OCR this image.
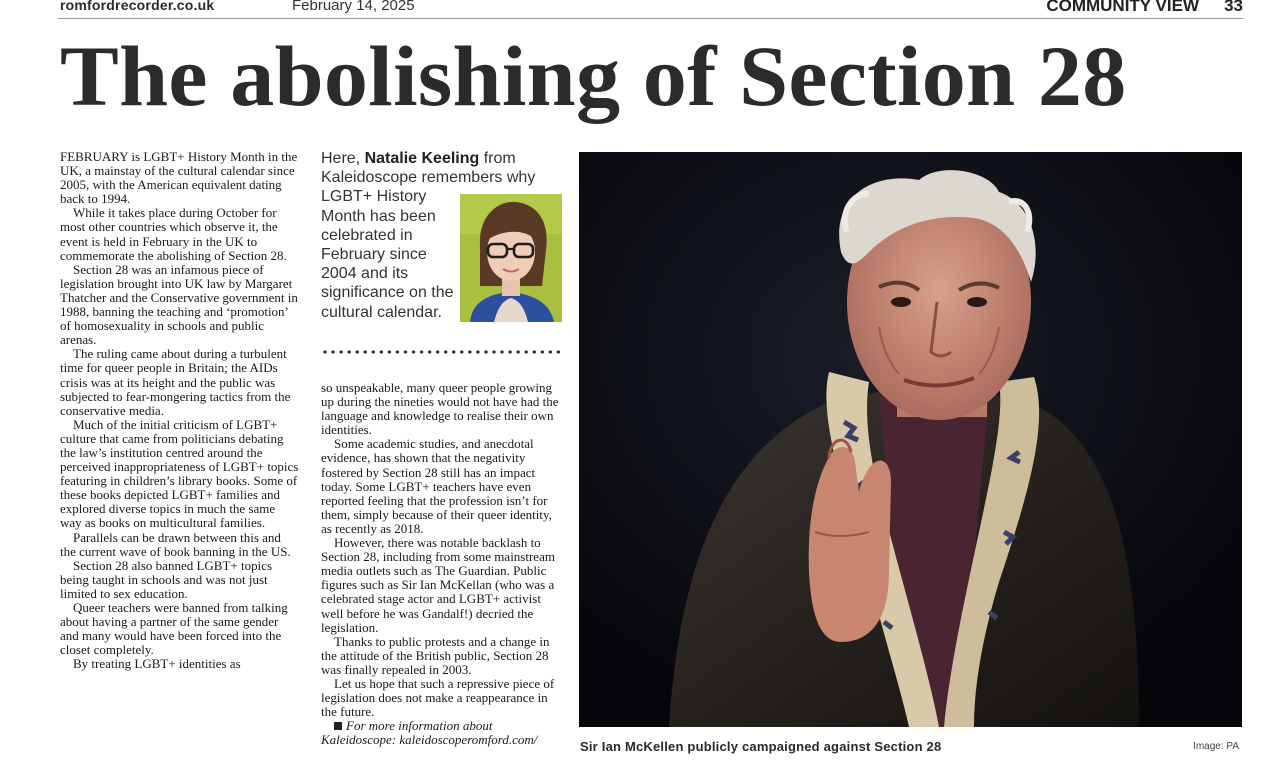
romfordrecorder.co.uk	February 14, 2025	COMMUNITY VIEW 33
The abolishing of Section 28

FEBRUARY is LGBT+ History Month in the UK, a mainstay of the cultural calendar since 2005, with the American equivalent dating back to 1994.

While it takes place during October for most other countries which observe it, the event is held in February in the UK to commemorate the abolishing of Section 28.

Section 28 was an infamous piece of legislation brought into UK law by Margaret Thatcher and the Conservative government in 1988, banning the teaching and ‘promotion’ of homosexuality in schools and public arenas.

The ruling came about during a turbulent time for queer people in Britain; the AIDs crisis was at its height and the public was subjected to fear-mongering tactics from the conservative media.

Much of the initial criticism of LGBT+ culture that came from politicians debating the law’s institution centred around the perceived inappropriateness of LGBT+ topics featuring in children’s library books. Some of these books depicted LGBT+ families and explored diverse topics in much the same way as books on multicultural families.

Parallels can be drawn between this and the current wave of book banning in the US.

Section 28 also banned LGBT+ topics being taught in schools and was not just limited to sex education.

Queer teachers were banned from talking about having a partner of the same gender and many would have been forced into the closet completely.

By treating LGBT+ identities as

Here, Natalie Keeling from Kaleidoscope remembers why
LGBT+ History Month has been celebrated in February since 2004 and its significance on the cultural calendar.

so unspeakable, many queer people growing up during the nineties would not have had the language and knowledge to realise their own identities.

Some academic studies, and anecdotal evidence, has shown that the negativity fostered by Section 28 still has an impact today. Some LGBT+ teachers have even reported feeling that the profession isn’t for them, simply because of their queer identity, as recently as 2018.

However, there was notable backlash to Section 28, including from some mainstream media outlets such as The Guardian. Public figures such as Sir Ian McKellan (who was a celebrated stage actor and LGBT+ activist well before he was Gandalf!) decried the legislation.

Thanks to public protests and a change in the attitude of the British public, Section 28 was finally repealed in 2003.

Let us hope that such a repressive piece of legislation does not make a reappearance in the future.

For more information about Kaleidoscope: kaleidoscoperomford.com/	Sir Ian McKellen publicly campaigned against Section 28	Image: PA
